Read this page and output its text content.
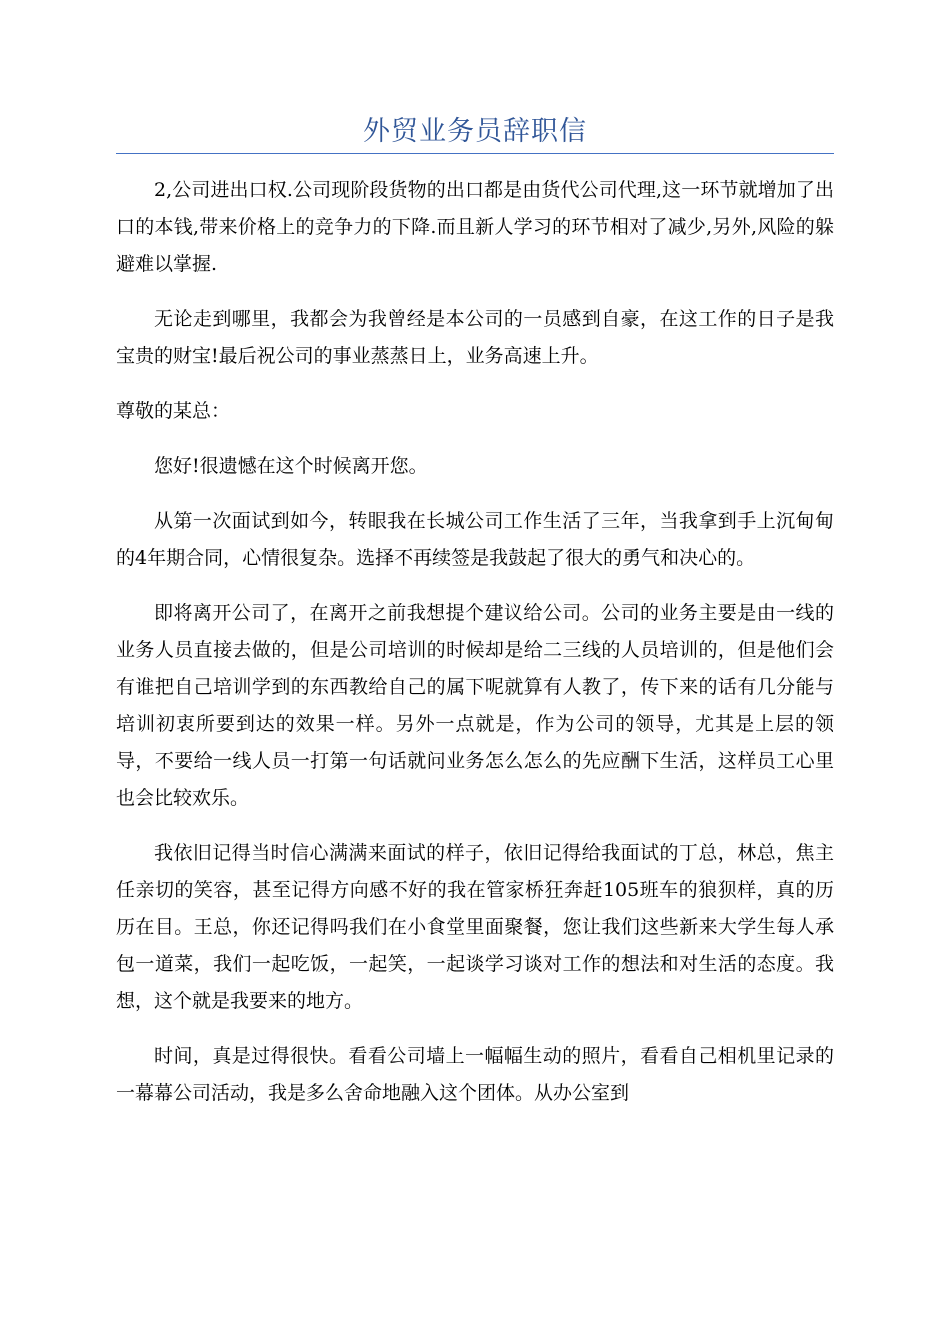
外贸业务员辞职信

2,公司进出口权.公司现阶段货物的出口都是由货代公司代理,这一环节就增加了出口的本钱,带来价格上的竞争力的下降.而且新人学习的环节相对了减少,另外,风险的躲避难以掌握.

无论走到哪里，我都会为我曾经是本公司的一员感到自豪，在这工作的日子是我宝贵的财宝!最后祝公司的事业蒸蒸日上，业务高速上升。

尊敬的某总：

您好!很遗憾在这个时候离开您。

从第一次面试到如今，转眼我在长城公司工作生活了三年，当我拿到手上沉甸甸的4年期合同，心情很复杂。选择不再续签是我鼓起了很大的勇气和决心的。

即将离开公司了，在离开之前我想提个建议给公司。公司的业务主要是由一线的业务人员直接去做的，但是公司培训的时候却是给二三线的人员培训的，但是他们会有谁把自己培训学到的东西教给自己的属下呢就算有人教了，传下来的话有几分能与培训初衷所要到达的效果一样。另外一点就是，作为公司的领导，尤其是上层的领导，不要给一线人员一打第一句话就问业务怎么怎么的先应酬下生活，这样员工心里也会比较欢乐。

我依旧记得当时信心满满来面试的样子，依旧记得给我面试的丁总，林总，焦主任亲切的笑容，甚至记得方向感不好的我在管家桥狂奔赶105班车的狼狈样，真的历历在目。王总，你还记得吗我们在小食堂里面聚餐，您让我们这些新来大学生每人承包一道菜，我们一起吃饭，一起笑，一起谈学习谈对工作的想法和对生活的态度。我想，这个就是我要来的地方。

时间，真是过得很快。看看公司墙上一幅幅生动的照片，看看自己相机里记录的一幕幕公司活动，我是多么舍命地融入这个团体。从办公室到
